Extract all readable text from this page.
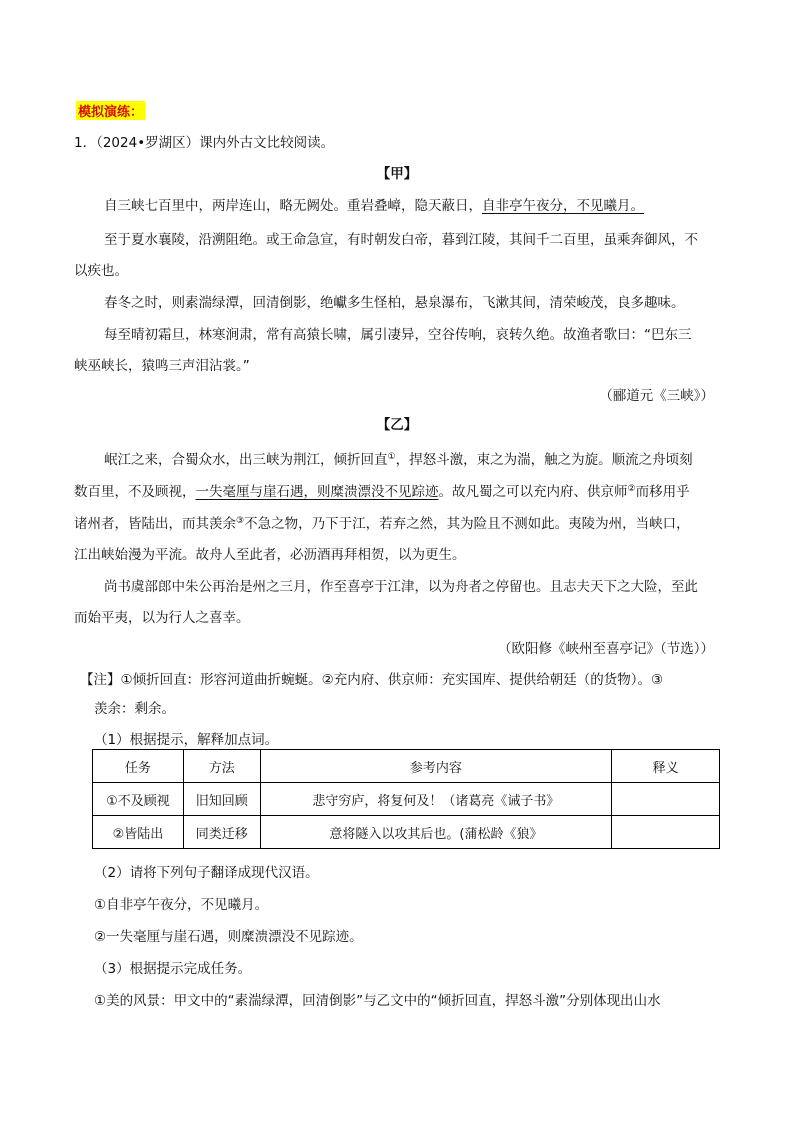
模拟演练：
1．（2024•罗湖区）课内外古文比较阅读。
【甲】
自三峡七百里中，两岸连山，略无阙处。重岩叠嶂，隐天蔽日，自非亭午夜分，不见曦月。
至于夏水襄陵，沿溯阻绝。或王命急宣，有时朝发白帝，暮到江陵，其间千二百里，虽乘奔御风，不
以疾也。
春冬之时，则素湍绿潭，回清倒影，绝巘多生怪柏，悬泉瀑布，飞漱其间，清荣峻茂，良多趣味。
每至晴初霜旦，林寒涧肃，常有高猿长啸，属引凄异，空谷传响，哀转久绝。故渔者歌曰：“巴东三
峡巫峡长，猿鸣三声泪沾裳。”
（郦道元《三峡》）
【乙】
岷江之来，合蜀众水，出三峡为荆江，倾折回直①，捍怒斗激，束之为湍，触之为旋。顺流之舟顷刻
数百里，不及顾视，一失毫厘与崖石遇，则糜溃漂没不见踪迹。故凡蜀之可以充内府、供京师②而移用乎
诸州者，皆陆出，而其羡余③不急之物，乃下于江，若弃之然，其为险且不测如此。夷陵为州，当峡口，
江出峡始漫为平流。故舟人至此者，必沥酒再拜相贺，以为更生。
尚书虞部郎中朱公再治是州之三月，作至喜亭于江津，以为舟者之停留也。且志夫天下之大险，至此
而始平夷，以为行人之喜幸。
（欧阳修《峡州至喜亭记》（节选））
【注】①倾折回直：形容河道曲折蜿蜒。②充内府、供京师：充实国库、提供给朝廷（的货物）。③
羡余：剩余。
（1）根据提示，解释加点词。
任务	方法	参考内容	释义
①不及顾视	旧知回顾	悲守穷庐，将复何及！（诸葛亮《诫子书》	
②皆陆出	同类迁移	意将隧入以攻其后也。(蒲松龄《狼》	
（2）请将下列句子翻译成现代汉语。
①自非亭午夜分，不见曦月。
②一失毫厘与崖石遇，则糜溃漂没不见踪迹。
（3）根据提示完成任务。
①美的风景：甲文中的“素湍绿潭，回清倒影”与乙文中的“倾折回直，捍怒斗激”分别体现出山水
